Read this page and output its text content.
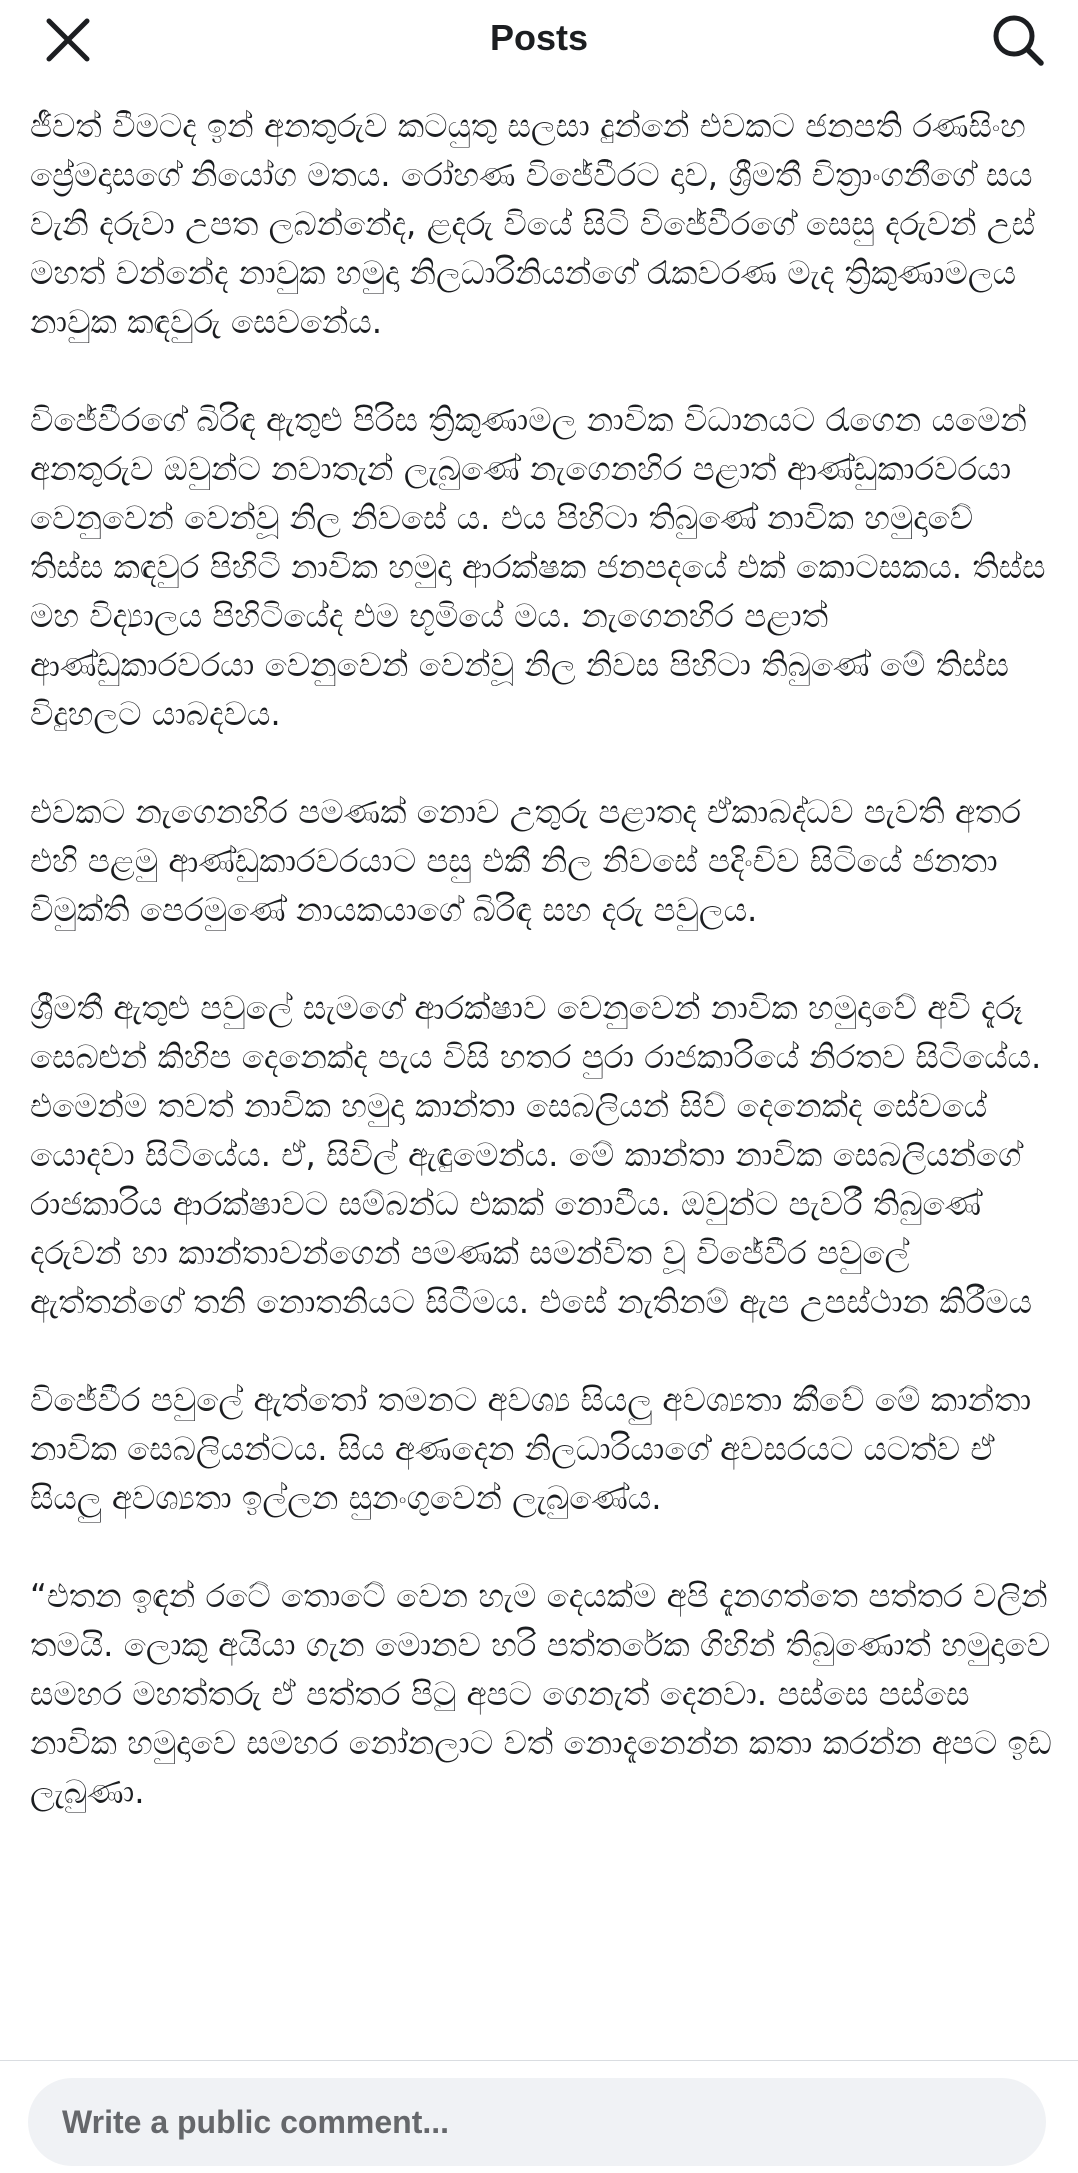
Posts

ජීවත් වීමටද ඉන් අනතුරුව කටයුතු සලසා දුන්නේ එවකට ජනපති රණසිංහ ප්‍රේමදාසගේ නියෝග මතය. රෝහණ විජේවීරට දාව, ශ්‍රීමතී චිත්‍රාංගනීගේ සය වැනි දරුවා උපත ලබන්නේද, ළදරු වියේ සිටි විජේවීරගේ සෙසු දරුවන් උස් මහත් වන්නේද නාවුක හමුදා නිලධාරිනියන්ගේ රැකවරණ මැද ත්‍රිකුණාමලය නාවුක කඳවුරු සෙවනේය.

විජේවීරගේ බිරිඳ ඇතුළු පිරිස ත්‍රිකුණාමල නාවික විධානයට රැගෙන යමෙන් අනතුරුව ඔවුන්ට නවාතැන් ලැබුණේ නැගෙනහිර පළාත් ආණ්ඩුකාරවරයා වෙනුවෙන් වෙන්වූ නිල නිවසේ ය. එය පිහිටා තිබුණේ නාවික හමුදාවේ තිස්ස කඳවුර පිහිටි නාවික හමුදා ආරක්ෂක ජනපදයේ එක් කොටසකය. තිස්ස මහ විද්‍යාලය පිහිටියේද එම භූමියේ මය. නැගෙනහිර පළාත් ආණ්ඩුකාරවරයා වෙනුවෙන් වෙන්වූ නිල නිවස පිහිටා තිබුණේ මේ තිස්ස විදුහලට යාබදවය.

එවකට නැගෙනහිර පමණක් නොව උතුරු පළාතද ඒකාබද්ධව පැවති අතර එහි පළමු ආණ්ඩුකාරවරයාට පසු එකී නිල නිවසේ පදිංචිව සිටියේ ජනතා විමුක්ති පෙරමුණේ නායකයාගේ බිරිඳ සහ දරු පවුලය.

ශ්‍රීමතී ඇතුළු පවුලේ සැමගේ ආරක්ෂාව වෙනුවෙන් නාවික හමුදාවේ අවි දැරූ සෙබළුන් කිහිප දෙනෙක්ද පැය විසි හතර පුරා රාජකාරියේ නිරතව සිටියේය. එමෙන්ම තවත් නාවික හමුදා කාන්තා සෙබලියන් සිව් දෙනෙක්ද සේවයේ යොදවා සිටියේය. ඒ, සිවිල් ඇඳුමෙන්ය. මේ කාන්තා නාවික සෙබලියන්ගේ රාජකාරිය ආරක්ෂාවට සම්බන්ධ එකක් නොවීය. ඔවුන්ට පැවරී තිබුණේ දරුවන් හා කාන්තාවන්ගෙන් පමණක් සමන්විත වූ විජේවීර පවුලේ ඇත්තන්ගේ තනි නොතනියට සිටීමය. එසේ නැතිනම් ඇප උපස්ථාන කිරීමය

විජේවීර පවුලේ ඇත්තෝ තමනට අවශ්‍ය සියලු අවශ්‍යතා කීවේ මේ කාන්තා නාවික සෙබලියන්ටය. සිය අණදෙන නිලධාරියාගේ අවසරයට යටත්ව ඒ සියලු අවශ්‍යතා ඉල්ලන සුනංගුවෙන් ලැබුණේය.

“එතන ඉඳන් රටේ තොටේ වෙන හැම දෙයක්ම අපි දැනගත්තෙ පත්තර වලින් තමයි. ලොකු අයියා ගැන මොනව හරි පත්තරේක ගිහින් තිබුණොත් හමුදාවෙ සමහර මහත්තරු ඒ පත්තර පිටු අපට ගෙනැත් දෙනවා. පස්සෙ පස්සෙ නාවික හමුදාවෙ සමහර නෝනලාට වත් නොදැනෙන්න කතා කරන්න අපට ඉඩ ලැබුණා.

Write a public comment...
